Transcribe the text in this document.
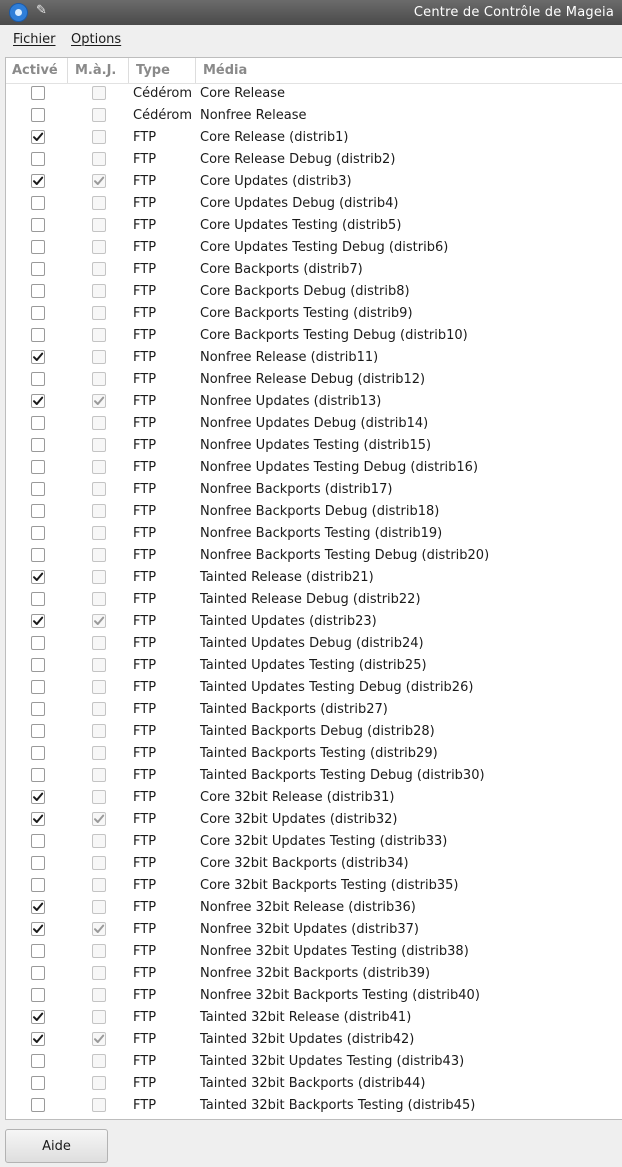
✎	Centre de Contrôle de Mageia
Fichier Options
Activé	M.à.J.	Type	Média
Cédérom Core Release
Cédérom Nonfree Release
FTP	Core Release (distrib1)
FTP	Core Release Debug (distrib2)
FTP	Core Updates (distrib3)
FTP	Core Updates Debug (distrib4)
FTP	Core Updates Testing (distrib5)
FTP	Core Updates Testing Debug (distrib6)
FTP	Core Backports (distrib7)
FTP	Core Backports Debug (distrib8)
FTP	Core Backports Testing (distrib9)
FTP	Core Backports Testing Debug (distrib10)
FTP	Nonfree Release (distrib11)
FTP	Nonfree Release Debug (distrib12)
FTP	Nonfree Updates (distrib13)
FTP	Nonfree Updates Debug (distrib14)
FTP	Nonfree Updates Testing (distrib15)
FTP	Nonfree Updates Testing Debug (distrib16)
FTP	Nonfree Backports (distrib17)
FTP	Nonfree Backports Debug (distrib18)
FTP	Nonfree Backports Testing (distrib19)
FTP	Nonfree Backports Testing Debug (distrib20)
FTP	Tainted Release (distrib21)
FTP	Tainted Release Debug (distrib22)
FTP	Tainted Updates (distrib23)
FTP	Tainted Updates Debug (distrib24)
FTP	Tainted Updates Testing (distrib25)
FTP	Tainted Updates Testing Debug (distrib26)
FTP	Tainted Backports (distrib27)
FTP	Tainted Backports Debug (distrib28)
FTP	Tainted Backports Testing (distrib29)
FTP	Tainted Backports Testing Debug (distrib30)
FTP	Core 32bit Release (distrib31)
FTP	Core 32bit Updates (distrib32)
FTP	Core 32bit Updates Testing (distrib33)
FTP	Core 32bit Backports (distrib34)
FTP	Core 32bit Backports Testing (distrib35)
FTP	Nonfree 32bit Release (distrib36)
FTP	Nonfree 32bit Updates (distrib37)
FTP	Nonfree 32bit Updates Testing (distrib38)
FTP	Nonfree 32bit Backports (distrib39)
FTP	Nonfree 32bit Backports Testing (distrib40)
FTP	Tainted 32bit Release (distrib41)
FTP	Tainted 32bit Updates (distrib42)
FTP	Tainted 32bit Updates Testing (distrib43)
FTP	Tainted 32bit Backports (distrib44)
FTP	Tainted 32bit Backports Testing (distrib45)
Aide
